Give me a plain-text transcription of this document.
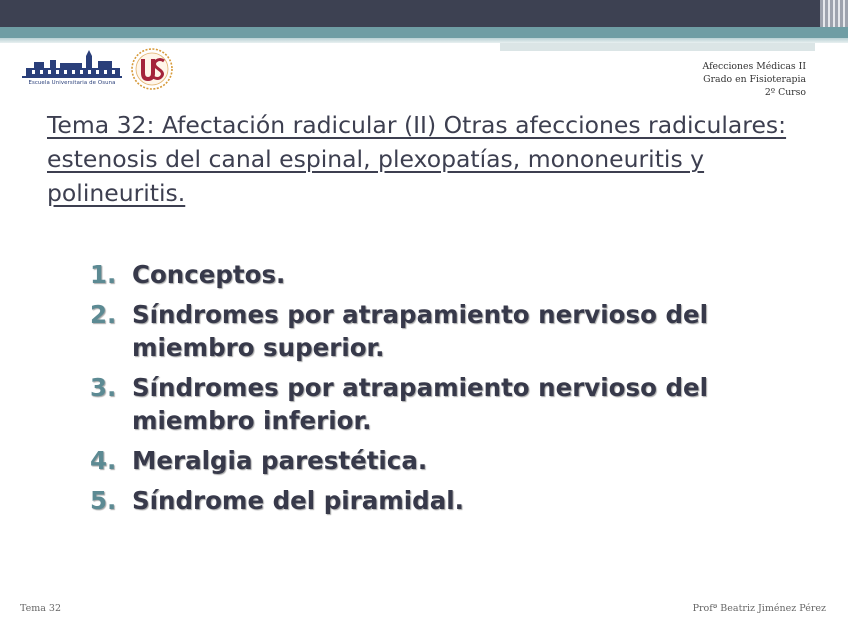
Escuela Universitaria de Osuna
Afecciones Médicas II
Grado en Fisioterapia
2º Curso
Tema 32: Afectación radicular (II) Otras afecciones radiculares: estenosis del canal espinal, plexopatías, mononeuritis y polineuritis.
1. Conceptos.
2. Síndromes por atrapamiento nervioso del miembro superior.
3. Síndromes por atrapamiento nervioso del miembro inferior.
4. Meralgia parestética.
5. Síndrome del piramidal.
Tema 32	Profª Beatriz Jiménez Pérez
